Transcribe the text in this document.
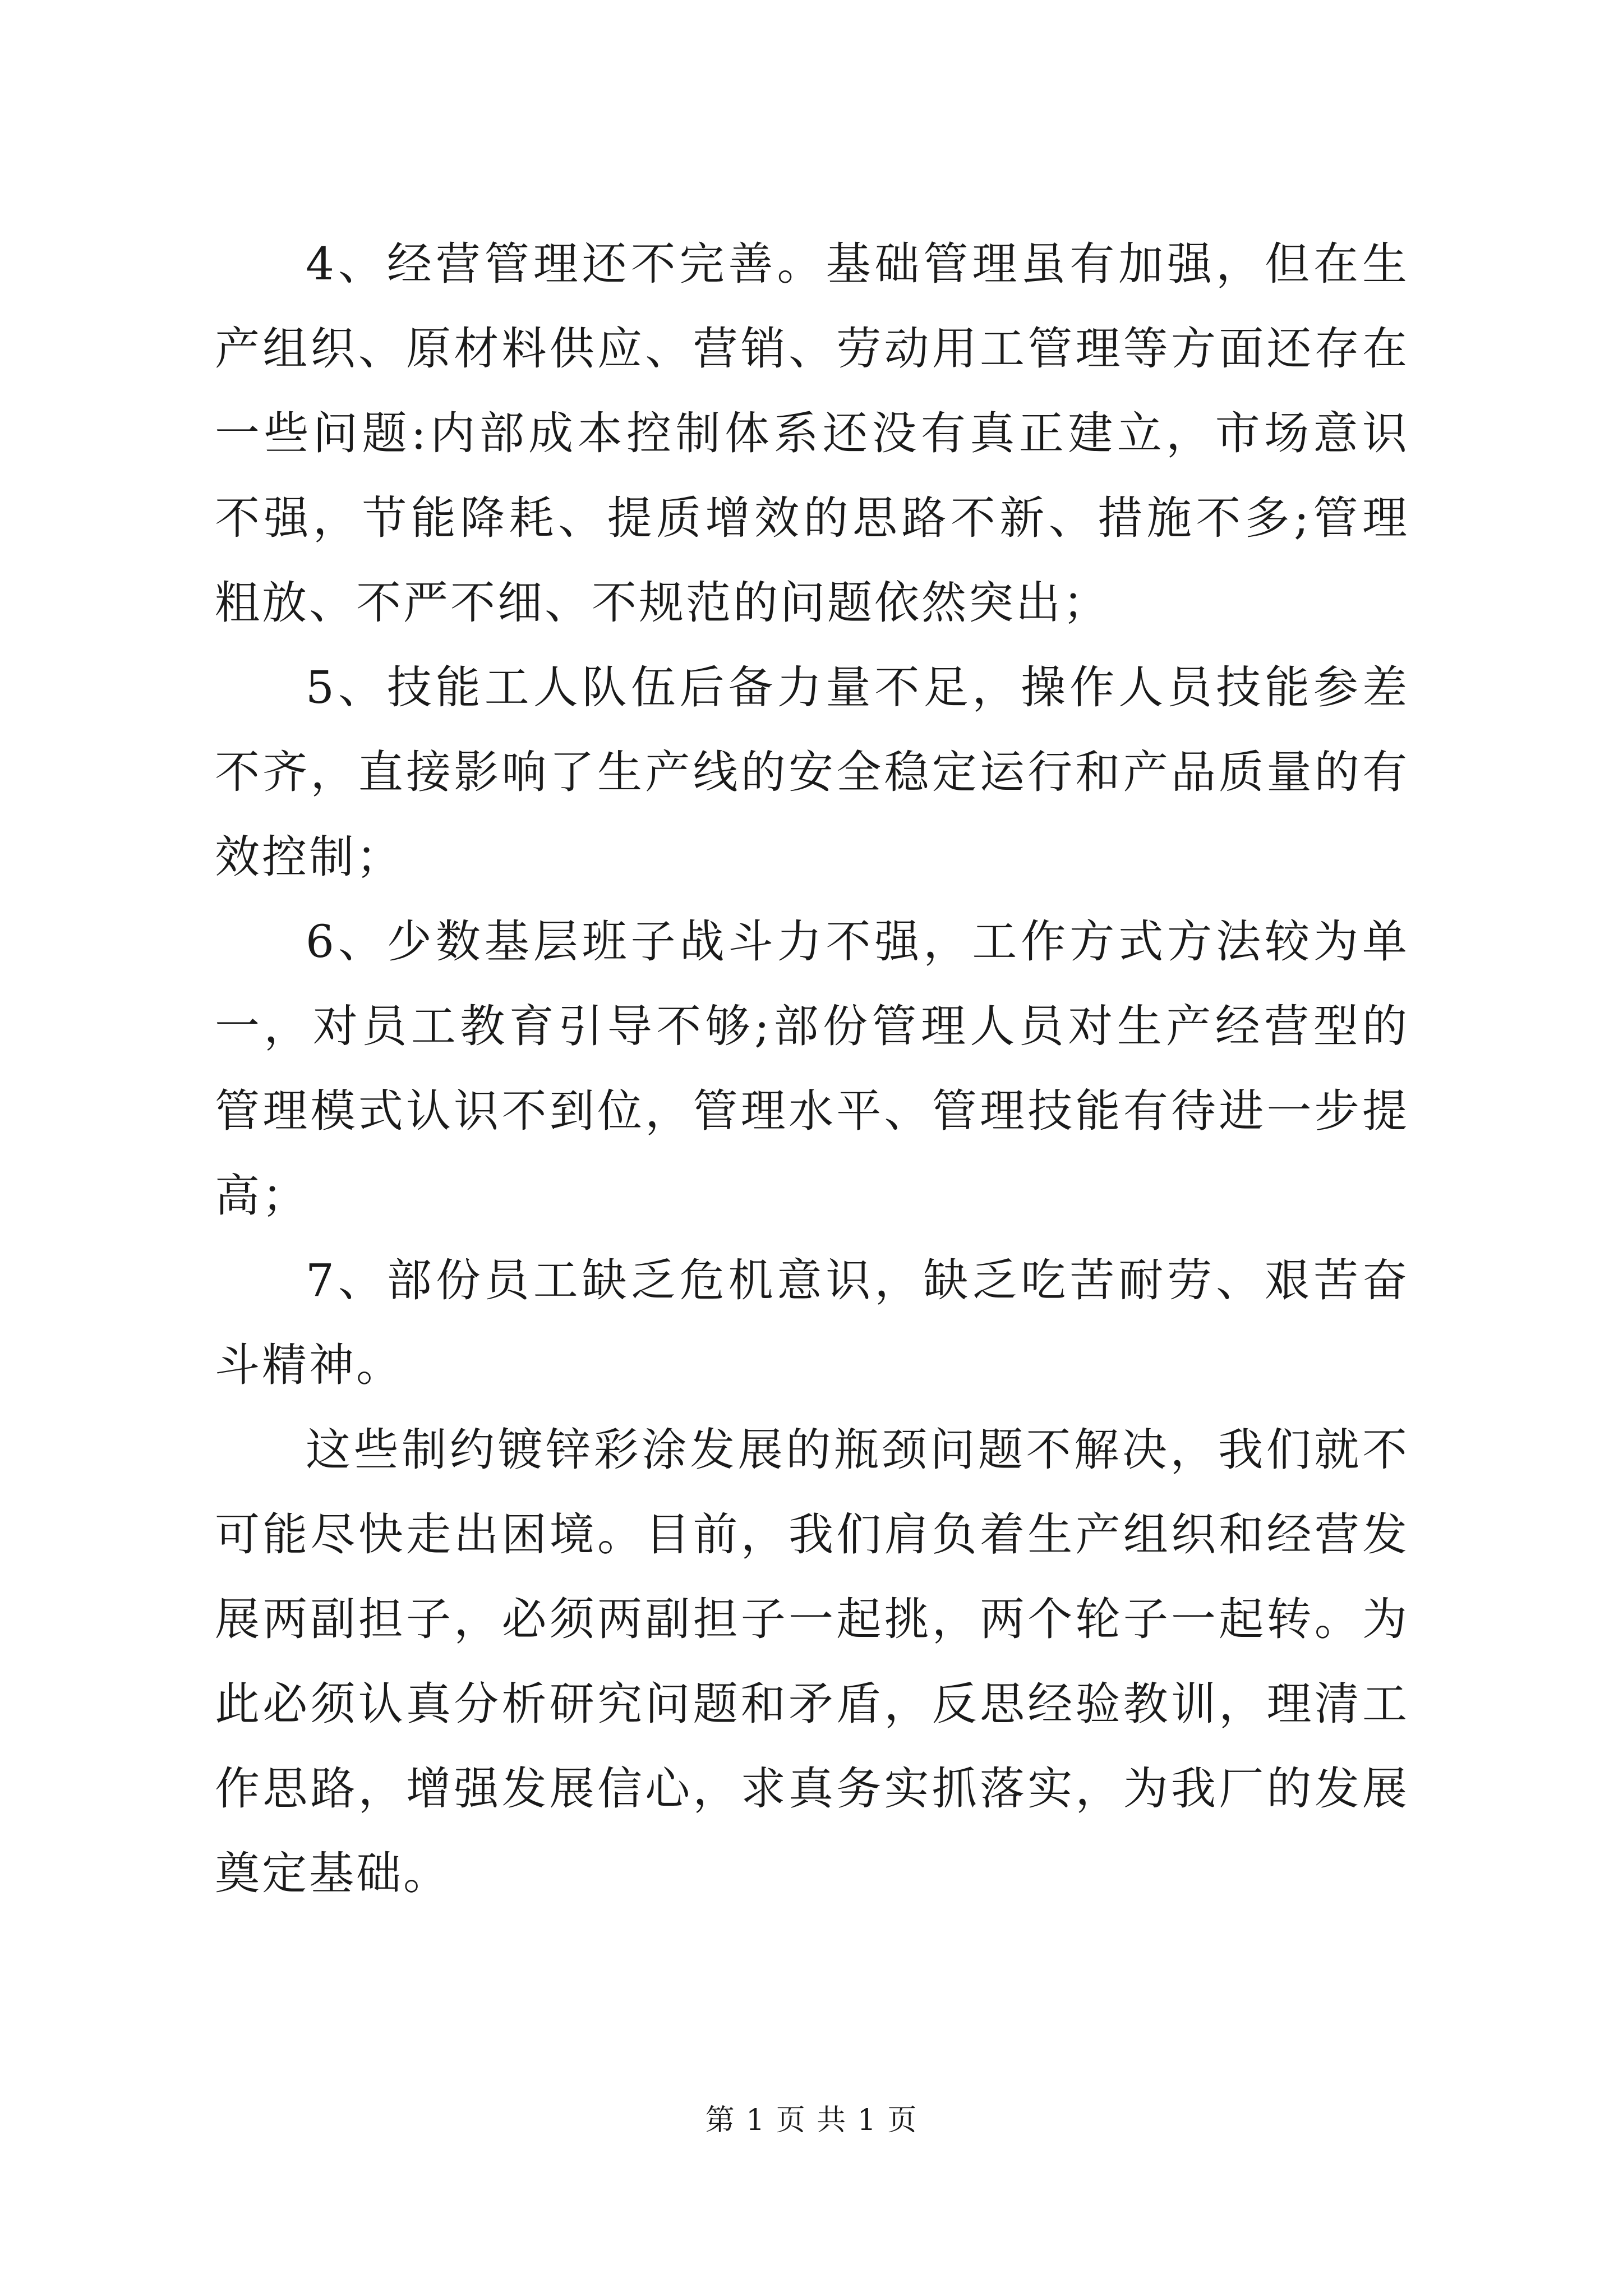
4、经营管理还不完善。基础管理虽有加强，但在生产组织、原材料供应、营销、劳动用工管理等方面还存在一些问题:内部成本控制体系还没有真正建立，市场意识不强，节能降耗、提质增效的思路不新、措施不多;管理粗放、不严不细、不规范的问题依然突出；

5、技能工人队伍后备力量不足，操作人员技能参差不齐，直接影响了生产线的安全稳定运行和产品质量的有效控制；

6、少数基层班子战斗力不强，工作方式方法较为单一，对员工教育引导不够;部份管理人员对生产经营型的管理模式认识不到位，管理水平、管理技能有待进一步提高；

7、部份员工缺乏危机意识，缺乏吃苦耐劳、艰苦奋斗精神。

这些制约镀锌彩涂发展的瓶颈问题不解决，我们就不可能尽快走出困境。目前，我们肩负着生产组织和经营发展两副担子，必须两副担子一起挑，两个轮子一起转。为此必须认真分析研究问题和矛盾，反思经验教训，理清工作思路，增强发展信心，求真务实抓落实，为我厂的发展奠定基础。

第 1 页 共 1 页
